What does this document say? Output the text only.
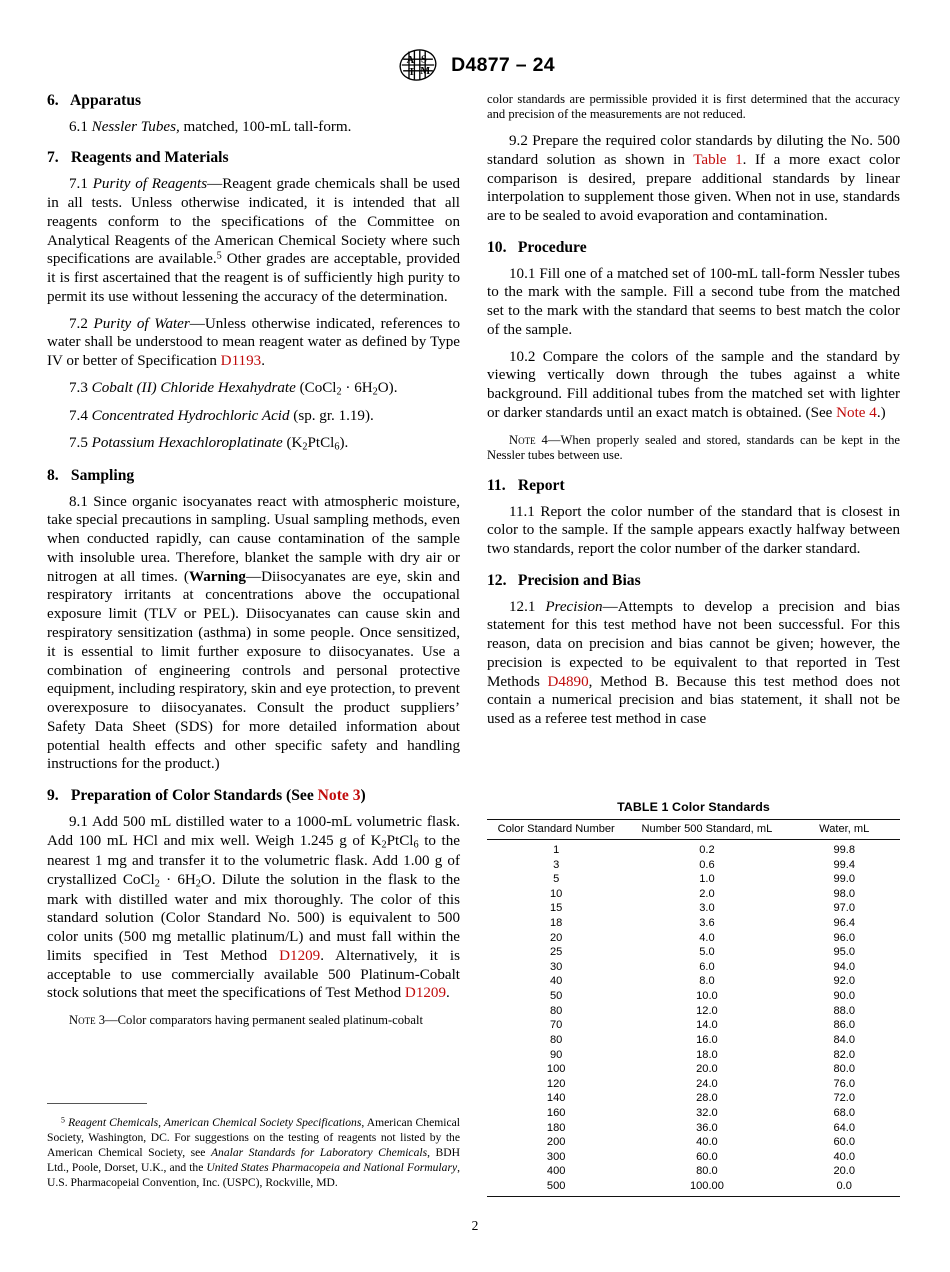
A S
T M D4877 – 24
6. Apparatus

6.1 Nessler Tubes, matched, 100-mL tall-form.

7. Reagents and Materials

7.1 Purity of Reagents—Reagent grade chemicals shall be used in all tests. Unless otherwise indicated, it is intended that all reagents conform to the specifications of the Committee on Analytical Reagents of the American Chemical Society where such specifications are available.$^5$ Other grades are acceptable, provided it is first ascertained that the reagent is of sufficiently high purity to permit its use without lessening the accuracy of the determination.

7.2 Purity of Water—Unless otherwise indicated, references to water shall be understood to mean reagent water as defined by Type IV or better of Specification D1193.

7.3 Cobalt (II) Chloride Hexahydrate (CoCl$_2$ · $6H_2O$).

7.4 Concentrated Hydrochloric Acid (sp. gr. 1.19).

7.5 Potassium Hexachloroplatinate $(K_2PtCl_6)$.

8. Sampling

8.1 Since organic isocyanates react with atmospheric moisture, take special precautions in sampling. Usual sampling methods, even when conducted rapidly, can cause contamination of the sample with insoluble urea. Therefore, blanket the sample with dry air or nitrogen at all times. (Warning—Diisocyanates are eye, skin and respiratory irritants at concentrations above the occupational exposure limit (TLV or PEL). Diisocyanates can cause skin and respiratory sensitization (asthma) in some people. Once sensitized, it is essential to limit further exposure to diisocyanates. Use a combination of engineering controls and personal protective equipment, including respiratory, skin and eye protection, to prevent overexposure to diisocyanates. Consult the product suppliers’ Safety Data Sheet (SDS) for more detailed information about potential health effects and other specific safety and handling instructions for the product.)

9. Preparation of Color Standards (See Note 3)

9.1 Add 500 mL distilled water to a 1000-mL volumetric flask. Add 100 mL HCl and mix well. Weigh 1.245 g of $K_2PtCl_6$ to the nearest 1 mg and transfer it to the volumetric flask. Add 1.00 g of crystallized CoCl$_2$ · $6H_2O$. Dilute the solution in the flask to the mark with distilled water and mix thoroughly. The color of this standard solution (Color Standard No. 500) is equivalent to 500 color units (500 mg metallic platinum/L) and must fall within the limits specified in Test Method D1209. Alternatively, it is acceptable to use commercially available 500 Platinum-Cobalt stock solutions that meet the specifications of Test Method D1209.

Note 3—Color comparators having permanent sealed platinum-cobalt

$^5$ Reagent Chemicals, American Chemical Society Specifications, American Chemical Society, Washington, DC. For suggestions on the testing of reagents not listed by the American Chemical Society, see Analar Standards for Laboratory Chemicals, BDH Ltd., Poole, Dorset, U.K., and the United States Pharmacopeia and National Formulary, U.S. Pharmacopeial Convention, Inc. (USPC), Rockville, MD.

color standards are permissible provided it is first determined that the accuracy and precision of the measurements are not reduced.

9.2 Prepare the required color standards by diluting the No. 500 standard solution as shown in Table 1. If a more exact color comparison is desired, prepare additional standards by linear interpolation to supplement those given. When not in use, standards are to be sealed to avoid evaporation and contamination.

10. Procedure

10.1 Fill one of a matched set of 100-mL tall-form Nessler tubes to the mark with the sample. Fill a second tube from the matched set to the mark with the standard that seems to best match the color of the sample.

10.2 Compare the colors of the sample and the standard by viewing vertically down through the tubes against a white background. Fill additional tubes from the matched set with lighter or darker standards until an exact match is obtained. (See Note 4.)

Note 4—When properly sealed and stored, standards can be kept in the Nessler tubes between use.

11. Report

11.1 Report the color number of the standard that is closest in color to the sample. If the sample appears exactly halfway between two standards, report the color number of the darker standard.

12. Precision and Bias

12.1 Precision—Attempts to develop a precision and bias statement for this test method have not been successful. For this reason, data on precision and bias cannot be given; however, the precision is expected to be equivalent to that reported in Test Methods D4890, Method B. Because this test method does not contain a numerical precision and bias statement, it shall not be used as a referee test method in case

TABLE 1 Color Standards
Color Standard Number	Number 500 Standard, mL	Water, mL
1	0.2	99.8
3	0.6	99.4
5	1.0	99.0
10	2.0	98.0
15	3.0	97.0
18	3.6	96.4
20	4.0	96.0
25	5.0	95.0
30	6.0	94.0
40	8.0	92.0
50	10.0	90.0
80	12.0	88.0
70	14.0	86.0
80	16.0	84.0
90	18.0	82.0
100	20.0	80.0
120	24.0	76.0
140	28.0	72.0
160	32.0	68.0
180	36.0	64.0
200	40.0	60.0
300	60.0	40.0
400	80.0	20.0
500	100.00	0.0

2
